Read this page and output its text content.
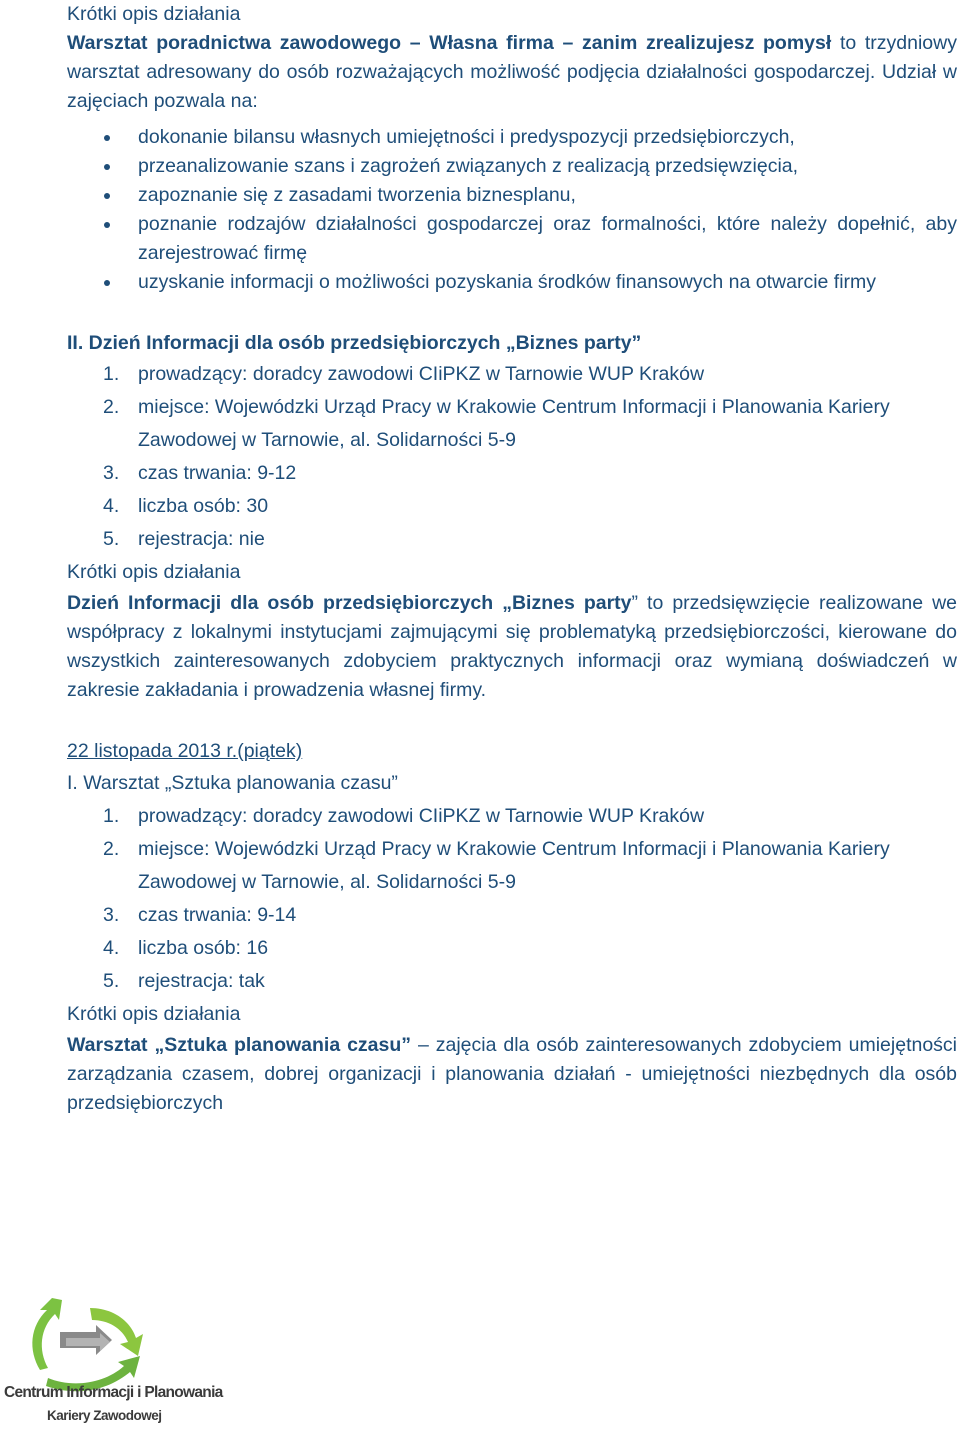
Krótki opis działania

Warsztat poradnictwa zawodowego – Własna firma – zanim zrealizujesz pomysł to trzydniowy warsztat adresowany do osób rozważających możliwość podjęcia działalności gospodarczej. Udział w zajęciach pozwala na:

dokonanie bilansu własnych umiejętności i predyspozycji przedsiębiorczych,
przeanalizowanie szans i zagrożeń związanych z realizacją przedsięwzięcia,
zapoznanie się z zasadami tworzenia biznesplanu,
poznanie rodzajów działalności gospodarczej oraz formalności, które należy dopełnić, aby zarejestrować firmę
uzyskanie informacji o możliwości pozyskania środków finansowych na otwarcie firmy

II. Dzień Informacji dla osób przedsiębiorczych „Biznes party”

1. prowadzący: doradcy zawodowi CIiPKZ w Tarnowie WUP Kraków
2. miejsce: Wojewódzki Urząd Pracy w Krakowie Centrum Informacji i Planowania Kariery Zawodowej w Tarnowie, al. Solidarności 5-9
3. czas trwania: 9-12
4. liczba osób: 30
5. rejestracja: nie

Krótki opis działania

Dzień Informacji dla osób przedsiębiorczych „Biznes party” to przedsięwzięcie realizowane we współpracy z lokalnymi instytucjami zajmującymi się problematyką przedsiębiorczości, kierowane do wszystkich zainteresowanych zdobyciem praktycznych informacji oraz wymianą doświadczeń w zakresie zakładania i prowadzenia własnej firmy.

22 listopada 2013 r.(piątek)

I. Warsztat „Sztuka planowania czasu”

1. prowadzący: doradcy zawodowi CIiPKZ w Tarnowie WUP Kraków
2. miejsce: Wojewódzki Urząd Pracy w Krakowie Centrum Informacji i Planowania Kariery Zawodowej w Tarnowie, al. Solidarności 5-9
3. czas trwania: 9-14
4. liczba osób: 16
5. rejestracja: tak

Krótki opis działania

Warsztat „Sztuka planowania czasu” – zajęcia dla osób zainteresowanych zdobyciem umiejętności zarządzania czasem, dobrej organizacji i planowania działań - umiejętności niezbędnych dla osób przedsiębiorczych

Centrum Informacji i Planowania
Kariery Zawodowej
